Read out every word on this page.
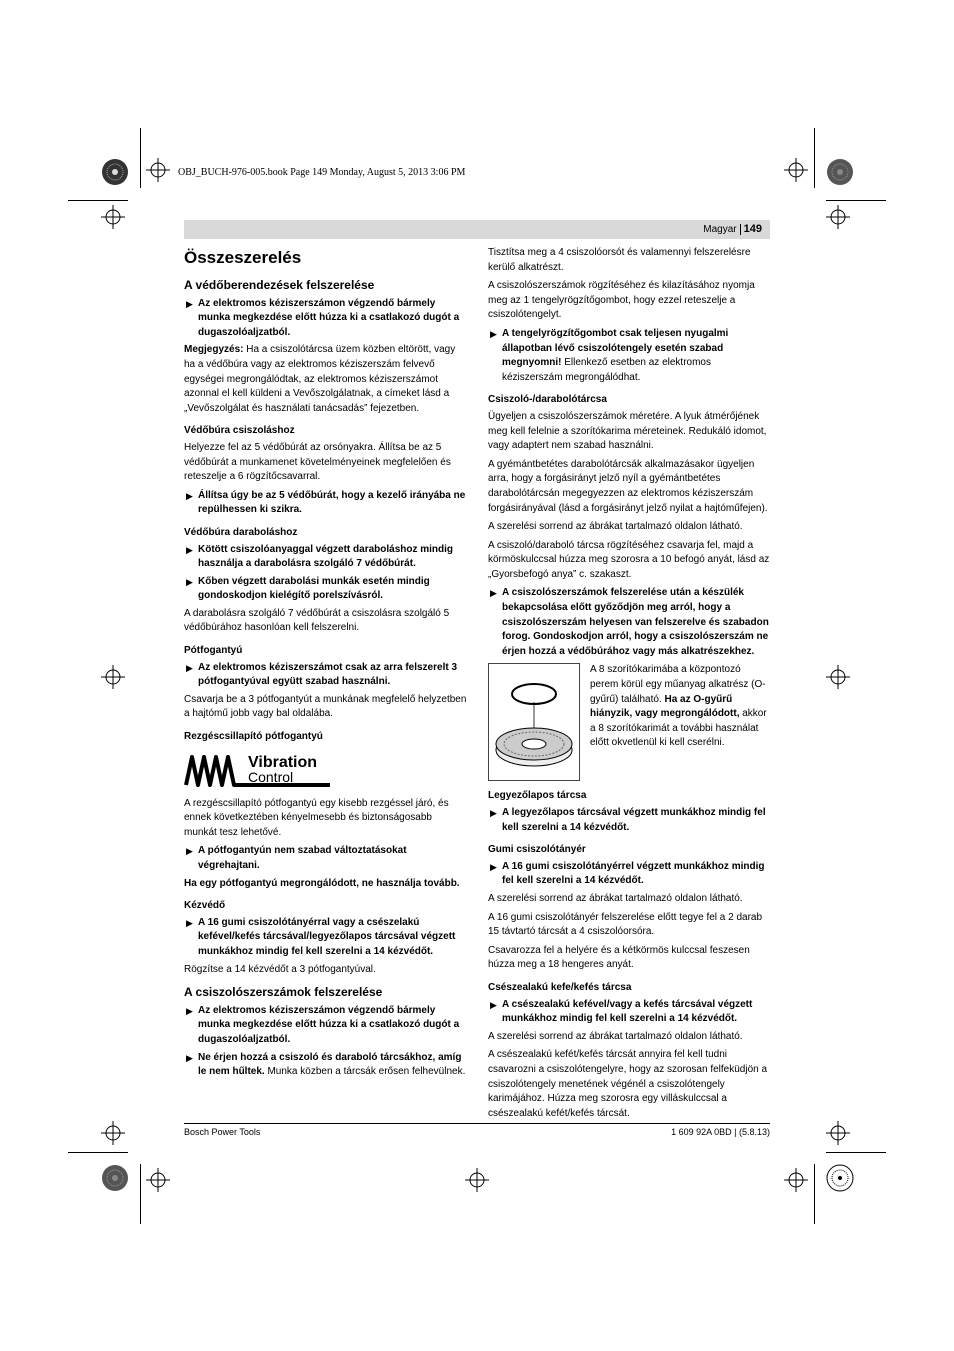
OBJ_BUCH-976-005.book Page 149 Monday, August 5, 2013 3:06 PM
Magyar 149
Összeszerelés
A védőberendezések felszerelése
▶ Az elektromos kéziszerszámon végzendő bármely munka megkezdése előtt húzza ki a csatlakozó dugót a dugaszolóaljzatból.

Megjegyzés: Ha a csiszolótárcsa üzem közben eltörött, vagy ha a védőbúra vagy az elektromos kéziszerszám felvevő egységei megrongálódtak, az elektromos kéziszerszámot azonnal el kell küldeni a Vevőszolgálatnak, a címeket lásd a „Vevőszolgálat és használati tanácsadás” fejezetben.

Védőbúra csiszoláshoz

Helyezze fel az 5 védőbúrát az orsónyakra. Állítsa be az 5 védőbúrát a munkamenet követelményeinek megfelelően és reteszelje a 6 rögzítőcsavarral.

▶ Állítsa úgy be az 5 védőbúrát, hogy a kezelő irányába ne repülhessen ki szikra.
Védőbúra daraboláshoz
▶ Kötött csiszolóanyaggal végzett daraboláshoz mindig használja a darabolásra szolgáló 7 védőbúrát.
▶ Kőben végzett darabolási munkák esetén mindig gondoskodjon kielégítő porelszívásról.

A darabolásra szolgáló 7 védőbúrát a csiszolásra szolgáló 5 védőbúrához hasonlóan kell felszerelni.

Pótfogantyú
▶ Az elektromos kéziszerszámot csak az arra felszerelt 3 pótfogantyúval együtt szabad használni.

Csavarja be a 3 pótfogantyút a munkának megfelelő helyzetben a hajtómű jobb vagy bal oldalába.

Rezgéscsillapító pótfogantyú
Vibration
Control

A rezgéscsillapító pótfogantyú egy kisebb rezgéssel járó, és ennek következtében kényelmesebb és biztonságosabb munkát tesz lehetővé.

▶ A pótfogantyún nem szabad változtatásokat végrehajtani.

Ha egy pótfogantyú megrongálódott, ne használja tovább.

Kézvédő
▶ A 16 gumi csiszolótányérral vagy a csészelakú kefével/kefés tárcsával/legyezőlapos tárcsával végzett munkákhoz mindig fel kell szerelni a 14 kézvédőt.

Rögzítse a 14 kézvédőt a 3 pótfogantyúval.

A csiszolószerszámok felszerelése
▶ Az elektromos kéziszerszámon végzendő bármely munka megkezdése előtt húzza ki a csatlakozó dugót a dugaszolóaljzatból.
▶ Ne érjen hozzá a csiszoló és daraboló tárcsákhoz, amíg le nem hűltek. Munka közben a tárcsák erősen felhevülnek.

Tisztítsa meg a 4 csiszolóorsót és valamennyi felszerelésre kerülő alkatrészt.

A csiszolószerszámok rögzítéséhez és kilazításához nyomja meg az 1 tengelyrögzítőgombot, hogy ezzel reteszelje a csiszolótengelyt.

▶ A tengelyrögzítőgombot csak teljesen nyugalmi állapotban lévő csiszolótengely esetén szabad megnyomni! Ellenkező esetben az elektromos kéziszerszám megrongálódhat.
Csiszoló-/darabolótárcsa

Ügyeljen a csiszolószerszámok méretére. A lyuk átmérőjének meg kell felelnie a szorítókarima méreteinek. Redukáló idomot, vagy adaptert nem szabad használni.

A gyémántbetétes darabolótárcsák alkalmazásakor ügyeljen arra, hogy a forgásirányt jelző nyíl a gyémántbetétes darabolótárcsán megegyezzen az elektromos kéziszerszám forgásirányával (lásd a forgásirányt jelző nyilat a hajtóműfejen).

A szerelési sorrend az ábrákat tartalmazó oldalon látható.

A csiszoló/daraboló tárcsa rögzítéséhez csavarja fel, majd a körmöskulccsal húzza meg szorosra a 10 befogó anyát, lásd az „Gyorsbefogó anya” c. szakaszt.

▶ A csiszolószerszámok felszerelése után a készülék bekapcsolása előtt győződjön meg arról, hogy a csiszolószerszám helyesen van felszerelve és szabadon forog. Gondoskodjon arról, hogy a csiszolószerszám ne érjen hozzá a védőbúrához vagy más alkatrészekhez.
A 8 szorítókarimába a központozó perem körül egy műanyag alkatrész (O-gyűrű) található. Ha az O-gyűrű hiányzik, vagy megrongálódott, akkor a 8 szorítókarimát a további használat előtt okvetlenül ki kell cserélni.
Legyezőlapos tárcsa
▶ A legyezőlapos tárcsával végzett munkákhoz mindig fel kell szerelni a 14 kézvédőt.
Gumi csiszolótányér
▶ A 16 gumi csiszolótányérrel végzett munkákhoz mindig fel kell szerelni a 14 kézvédőt.

A szerelési sorrend az ábrákat tartalmazó oldalon látható.

A 16 gumi csiszolótányér felszerelése előtt tegye fel a 2 darab 15 távtartó tárcsát a 4 csiszolóorsóra.

Csavarozza fel a helyére és a kétkörmös kulccsal feszesen húzza meg a 18 hengeres anyát.

Csészealakú kefe/kefés tárcsa
▶ A csészealakú kefével/vagy a kefés tárcsával végzett munkákhoz mindig fel kell szerelni a 14 kézvédőt.

A szerelési sorrend az ábrákat tartalmazó oldalon látható.

A csészealakú kefét/kefés tárcsát annyira fel kell tudni csavarozni a csiszolótengelyre, hogy az szorosan felfeküdjön a csiszolótengely menetének végénél a csiszolótengely karimájához. Húzza meg szorosra egy villáskulccsal a csészealakú kefét/kefés tárcsát.

Bosch Power Tools	1 609 92A 0BD | (5.8.13)
